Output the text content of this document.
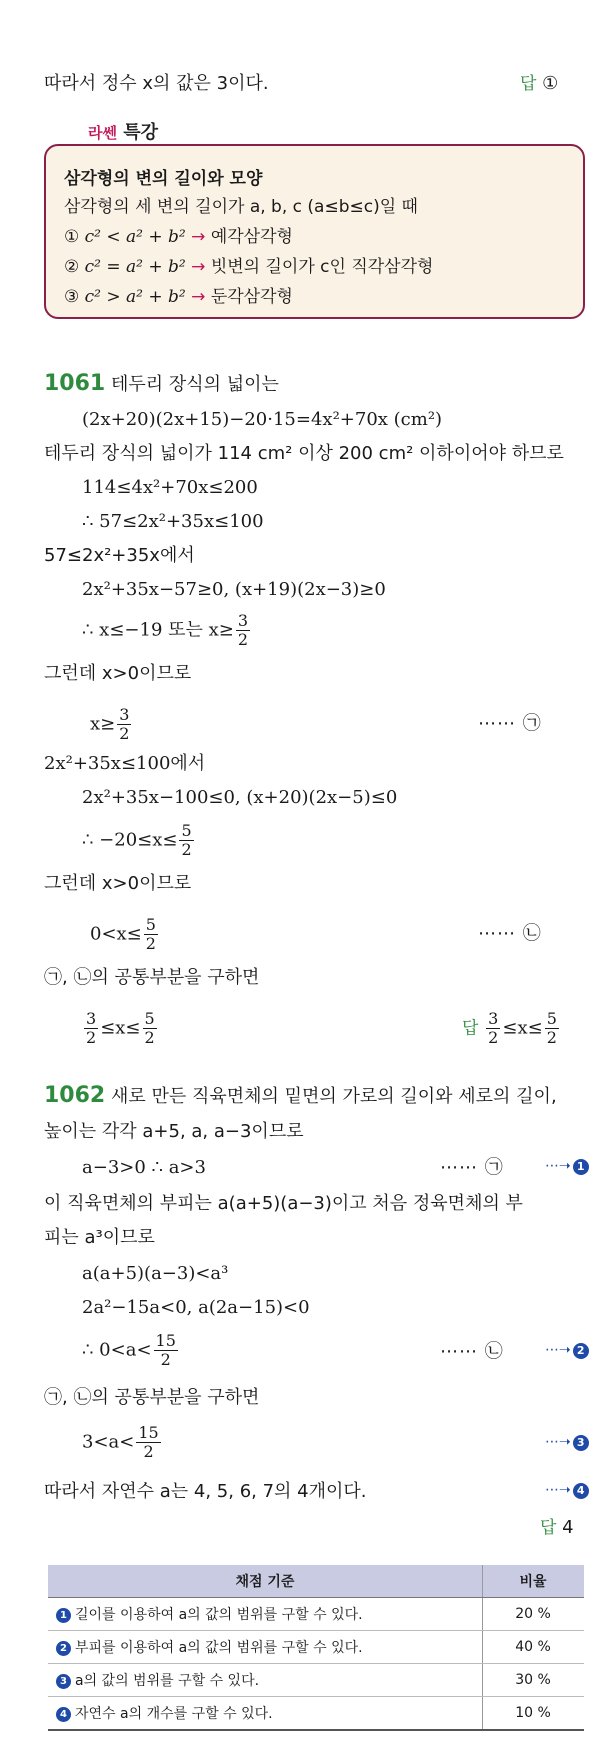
따라서 정수 x의 값은 3이다.	답 ①
라쎈 특강
삼각형의 변의 길이와 모양
삼각형의 세 변의 길이가 a, b, c (a≤b≤c)일 때
① c² < a² + b² → 예각삼각형
② c² = a² + b² → 빗변의 길이가 c인 직각삼각형
③ c² > a² + b² → 둔각삼각형
1061 테두리 장식의 넓이는
(2x+20)(2x+15)−20·15=4x²+70x (cm²)
테두리 장식의 넓이가 114 cm² 이상 200 cm² 이하이어야 하므로
114≤4x²+70x≤200
∴ 57≤2x²+35x≤100
57≤2x²+35x에서
2x²+35x−57≥0, (x+19)(2x−3)≥0
∴ x≤−19 또는 $x\ge \frac{3}{2}$
그런데 x>0이므로
$x\ge \frac{3}{2}$	⋯⋯ ㉠
2x²+35x≤100에서
2x²+35x−100≤0, (x+20)(2x−5)≤0
∴ $-20\le x\le \frac{5}{2}$
그런데 x>0이므로
$0<x\le \frac{5}{2}$	⋯⋯ ㉡
㉠, ㉡의 공통부분을 구하면
$\frac{3}{2} \le x\le \frac{5}{2}$	답 $\frac{3}{2} \le x\le \frac{5}{2}$
1062 새로 만든 직육면체의 밑면의 가로의 길이와 세로의 길이,
높이는 각각 a+5, a, a−3이므로
a−3>0 ∴ a>3	⋯⋯ ㉠	⋯➝ 1
이 직육면체의 부피는 a(a+5)(a−3)이고 처음 정육면체의 부
피는 a³이므로
a(a+5)(a−3)<a³
2a²−15a<0, a(2a−15)<0
∴ $0<a< \frac{15}{2}$	⋯⋯ ㉡	⋯➝ 2
㉠, ㉡의 공통부분을 구하면
$3<a< \frac{15}{2}$	⋯➝ 3
따라서 자연수 a는 4, 5, 6, 7의 4개이다.	⋯➝ 4
답 4
채점 기준	비율
1 길이를 이용하여 a의 값의 범위를 구할 수 있다.	20 %
2 부피를 이용하여 a의 값의 범위를 구할 수 있다.	40 %
3 a의 값의 범위를 구할 수 있다.	30 %
4 자연수 a의 개수를 구할 수 있다.	10 %
